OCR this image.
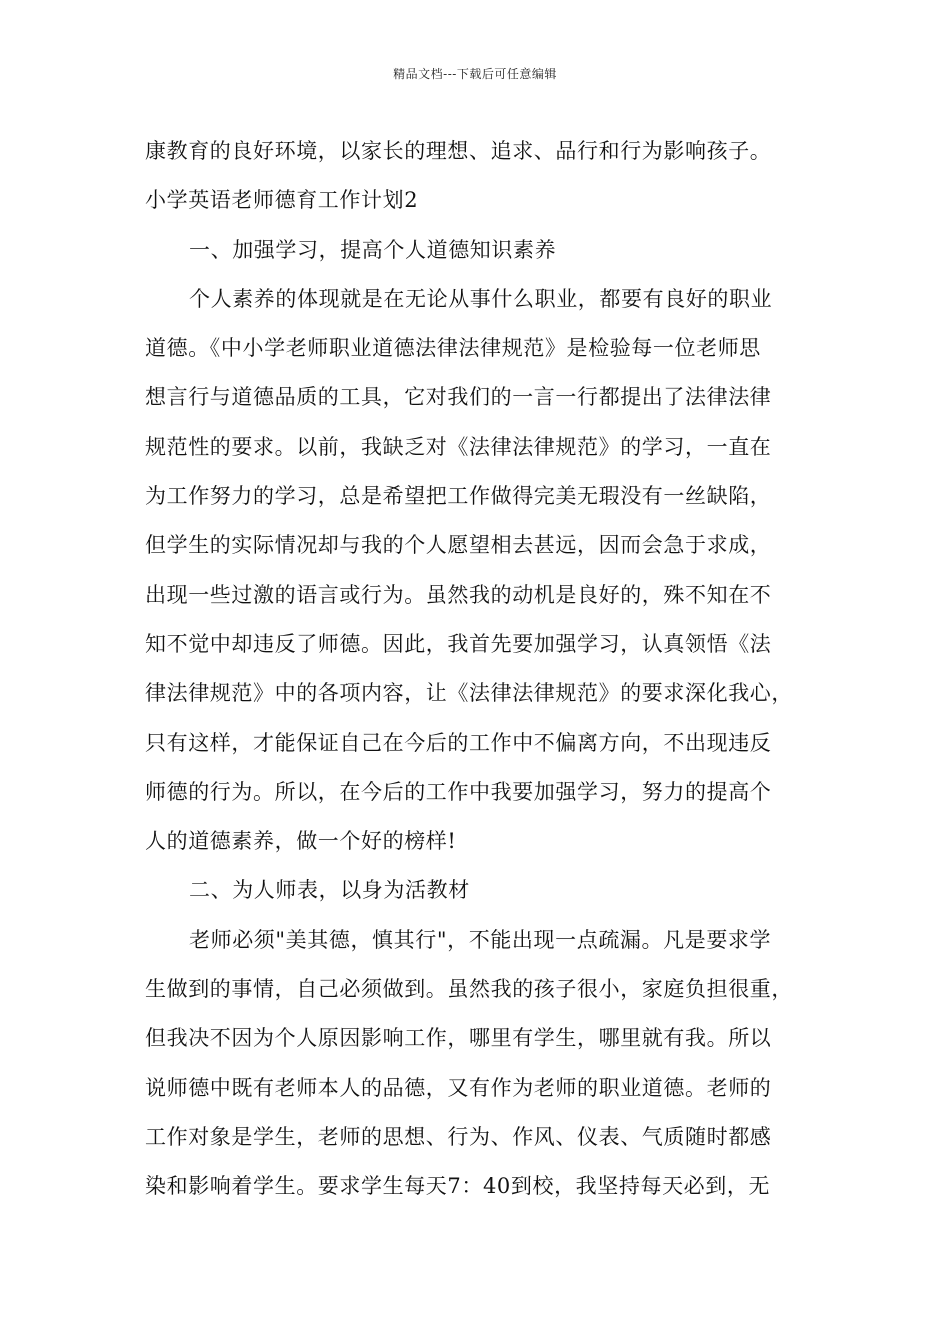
精品文档---下载后可任意编辑
康教育的良好环境，以家长的理想、追求、品行和行为影响孩子。
小学英语老师德育工作计划2
一、加强学习，提高个人道德知识素养
个人素养的体现就是在无论从事什么职业，都要有良好的职业
道德。《中小学老师职业道德法律法律规范》是检验每一位老师思
想言行与道德品质的工具，它对我们的一言一行都提出了法律法律
规范性的要求。以前，我缺乏对《法律法律规范》的学习，一直在
为工作努力的学习，总是希望把工作做得完美无瑕没有一丝缺陷，
但学生的实际情况却与我的个人愿望相去甚远，因而会急于求成，
出现一些过激的语言或行为。虽然我的动机是良好的，殊不知在不
知不觉中却违反了师德。因此，我首先要加强学习，认真领悟《法
律法律规范》中的各项内容，让《法律法律规范》的要求深化我心，
只有这样，才能保证自己在今后的工作中不偏离方向，不出现违反
师德的行为。所以，在今后的工作中我要加强学习，努力的提高个
人的道德素养，做一个好的榜样!
二、为人师表，以身为活教材
老师必须"美其德，慎其行"，不能出现一点疏漏。凡是要求学
生做到的事情，自己必须做到。虽然我的孩子很小，家庭负担很重，
但我决不因为个人原因影响工作，哪里有学生，哪里就有我。所以
说师德中既有老师本人的品德，又有作为老师的职业道德。老师的
工作对象是学生，老师的思想、行为、作风、仪表、气质随时都感
染和影响着学生。要求学生每天7：40到校，我坚持每天必到，无
